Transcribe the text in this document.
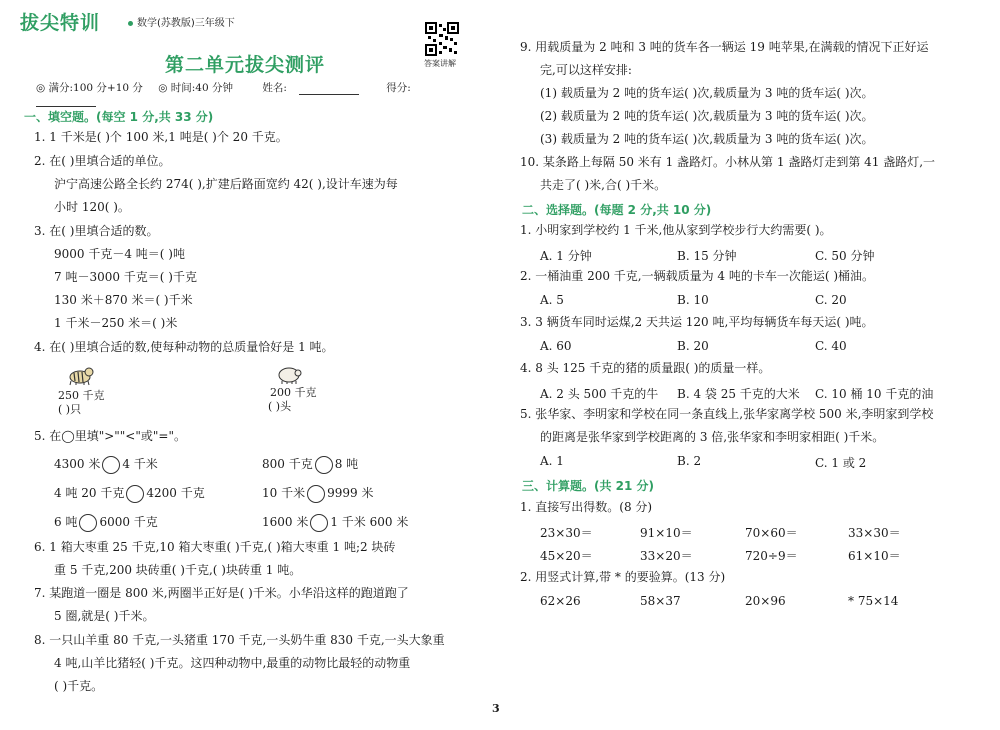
拔尖特训	数学(苏教版)三年级下
第二单元拔尖测评	答案讲解
◎ 满分:100 分+10 分 ◎ 时间:40 分钟	姓名:	得分:
一、填空题。(每空 1 分,共 33 分)
1. 1 千米是( )个 100 米,1 吨是( )个 20 千克。
2. 在( )里填合适的单位。
沪宁高速公路全长约 274( ),扩建后路面宽约 42( ),设计车速为每
小时 120( )。
3. 在( )里填合适的数。
9000 千克－4 吨＝( )吨
7 吨－3000 千克＝( )千克
130 米＋870 米＝( )千米
1 千米－250 米＝( )米
4. 在( )里填合适的数,使每种动物的总质量恰好是 1 吨。
250 千克
( )只
200 千克
( )头
5. 在◯里填">""<"或"="。
4300 米 4 千米	800 千克 8 吨
4 吨 20 千克 4200 千克	10 千米 9999 米
6 吨 6000 千克	1600 米 1 千米 600 米
6. 1 箱大枣重 25 千克,10 箱大枣重( )千克,( )箱大枣重 1 吨;2 块砖
重 5 千克,200 块砖重( )千克,( )块砖重 1 吨。
7. 某跑道一圈是 800 米,两圈半正好是( )千米。小华沿这样的跑道跑了
5 圈,就是( )千米。
8. 一只山羊重 80 千克,一头猪重 170 千克,一头奶牛重 830 千克,一头大象重
4 吨,山羊比猪轻( )千克。这四种动物中,最重的动物比最轻的动物重
( )千克。
9. 用载质量为 2 吨和 3 吨的货车各一辆运 19 吨苹果,在满载的情况下正好运
完,可以这样安排:
(1) 载质量为 2 吨的货车运( )次,载质量为 3 吨的货车运( )次。
(2) 载质量为 2 吨的货车运( )次,载质量为 3 吨的货车运( )次。
(3) 载质量为 2 吨的货车运( )次,载质量为 3 吨的货车运( )次。
10. 某条路上每隔 50 米有 1 盏路灯。小林从第 1 盏路灯走到第 41 盏路灯,一
共走了( )米,合( )千米。
二、选择题。(每题 2 分,共 10 分)
1. 小明家到学校约 1 千米,他从家到学校步行大约需要( )。
A. 1 分钟	B. 15 分钟	C. 50 分钟
2. 一桶油重 200 千克,一辆载质量为 4 吨的卡车一次能运( )桶油。
A. 5	B. 10	C. 20
3. 3 辆货车同时运煤,2 天共运 120 吨,平均每辆货车每天运( )吨。
A. 60	B. 20	C. 40
4. 8 头 125 千克的猪的质量跟( )的质量一样。
A. 2 头 500 千克的牛 B. 4 袋 25 千克的大米 C. 10 桶 10 千克的油
5. 张华家、李明家和学校在同一条直线上,张华家离学校 500 米,李明家到学校
的距离是张华家到学校距离的 3 倍,张华家和李明家相距( )千米。
A. 1	B. 2	C. 1 或 2
三、计算题。(共 21 分)
1. 直接写出得数。(8 分)
23×30＝	91×10＝	70×60＝	33×30＝
45×20＝	33×20＝	720÷9＝	61×10＝
2. 用竖式计算,带 * 的要验算。(13 分)
62×26	58×37	20×96	* 75×14
3
